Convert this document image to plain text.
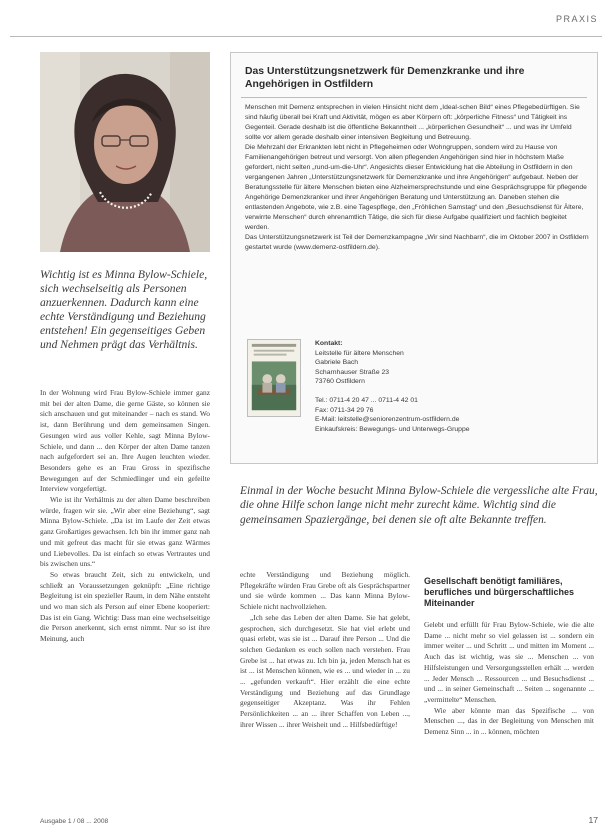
PRAXIS
Wichtig ist es Minna Bylow-Schiele, sich wechselseitig als Personen anzuerkennen. Dadurch kann eine echte Verständigung und Beziehung entstehen! Ein gegenseitiges Geben und Nehmen prägt das Verhältnis.

In der Wohnung wird Frau Bylow-Schiele immer ganz mit bei der alten Dame, die gerne Gäste, so können sie sich anschauen und gut miteinander – nach es stand. Wo ist, dann Berührung und dem gemeinsamen Singen. Gesungen wird aus voller Kehle, sagt Minna Bylow-Schiele, und dann ... den Körper der alten Dame tanzen nach aufgefordert sei an. Ihre Augen leuchten wieder. Besonders gehe es an Frau Gross in spezifische Bewegungen auf der Schmiedlinger und ein gefeilte Interview vorgefertigt.

Wie ist ihr Verhältnis zu der alten Dame beschreiben würde, fragen wir sie. „Wir aber eine Beziehung“, sagt Minna Bylow-Schiele. „Da ist im Laufe der Zeit etwas ganz Großartiges gewachsen. Ich bin ihr immer ganz nah und mit gefreut das macht für sie etwas ganz Wärmes und Liebevolles. Da ist einfach so etwas Vertrautes und bis zwischen uns.“

So etwas braucht Zeit, sich zu entwickeln, und schließt an Voraussetzungen geknüpft: „Eine richtige Begleitung ist ein spezieller Raum, in dem Nähe entsteht und wo man sich als Person auf einer Ebene kooperiert: Das ist ein Gang. Wichtig: Dass man eine wechselseitige die Person anerkennt, sich ernst nimmt. Nur so ist ihre Meinung, auch

Das Unterstützungsnetzwerk für Demenzkranke und ihre Angehörigen in Ostfildern

Menschen mit Demenz entsprechen in vielen Hinsicht nicht dem „Ideal-schen Bild“ eines Pflegebedürftigen. Sie sind häufig überall bei Kraft und Aktivität, mögen es aber Körpern oft: „körperliche Fitness“ und Tätigkeit ins Gegenteil. Gerade deshalb ist die öffentliche Bekanntheit ... „körperlichen Gesundheit“ ... und was ihr Umfeld sollte vor allem gerade deshalb einer intensiven Begleitung und Betreuung.

Die Mehrzahl der Erkrankten lebt nicht in Pflegeheimen oder Wohngruppen, sondern wird zu Hause von Familienangehörigen betreut und versorgt. Von allen pflegenden Angehörigen sind hier in höchstem Maße gefordert, nicht selten „rund-um-die-Uhr“. Angesichts dieser Entwicklung hat die Abteilung in Ostfildern in den vergangenen Jahren „Unterstützungsnetzwerk für Demenzkranke und ihre Angehörigen“ aufgebaut. Neben der Beratungsstelle für ältere Menschen bieten eine Alzheimersprechstunde und eine Gesprächsgruppe für pflegende Angehörige Demenzkranker und ihrer Angehörigen Beratung und Unterstützung an. Daneben stehen die entlastenden Angebote, wie z.B. eine Tagespflege, den „Fröhlichen Samstag“ und den „Besuchsdienst für Ältere, verwirrte Menschen“ durch ehrenamtlich Tätige, die sich für diese Aufgabe qualifiziert und fachlich begleitet werden.

Das Unterstützungsnetzwerk ist Teil der Demenzkampagne „Wir sind Nachbarn“, die im Oktober 2007 in Ostfildern gestartet wurde (www.demenz-ostfildern.de).

Kontakt:
Leitstelle für ältere Menschen
Gabriele Bach
Scharnhauser Straße 23
73760 Ostfildern
Tel.: 0711-4 20 47 ... 0711-4 42 01
Fax: 0711-34 29 76
E-Mail: leitstelle@seniorenzentrum-ostfildern.de
Einkaufskreis: Bewegungs- und Unterwegs-Gruppe
Einmal in der Woche besucht Minna Bylow-Schiele die vergessliche alte Frau, die ohne Hilfe schon lange nicht mehr zurecht käme. Wichtig sind die gemeinsamen Spaziergänge, bei denen sie oft alte Bekannte treffen.

echte Verständigung und Beziehung möglich. Pflegekräfte würden Frau Grebe oft als Gesprächspartner und sie würde kommen ... Das kann Minna Bylow-Schiele nicht nachvollziehen.

„Ich sehe das Leben der alten Dame. Sie hat gelebt, gesprochen, sich durchgesetzt. Sie hat viel erlebt und quasi erlebt, was sie ist ... Darauf ihre Person ... Und die solchen Gedanken es euch sollen nach verstehen. Frau Grebe ist ... hat etwas zu. Ich bin ja, jeden Mensch hat es ist ... ist Menschen können, wie es ... und wieder in ... zu ... „gefunden verkauft“. Hier erzählt die eine echte Verständigung und Beziehung auf das Grundlage gegenseitiger Akzeptanz. Was ihr Fehlen Persönlichkeiten ... an ... ihrer Schaffen von Leben ..., ihrer Wissen ... ihrer Weisheit und ... Hilfsbedürftige!

Gesellschaft benötigt familiäres, berufliches und bürgerschaftliches Miteinander

Gelebt und erfüllt für Frau Bylow-Schiele, wie die alte Dame ... nicht mehr so viel gelassen ist ... sondern ein immer weiter ... und Schritt ... und mitten im Moment ... Auch das ist wichtig, was sie ... Menschen ... von Hilfsleistungen und Versorgungsstellen erhält ... werden ... Jeder Mensch ... Ressourcen ... und Besuchsdienst ... und ... in seiner Gemeinschaft ... Seiten ... sogenannte ... „vermittelte“ Menschen.

Wie aber könnte man das Spezifische ... von Menschen ..., das in der Begleitung von Menschen mit Demenz Sinn ... in ... können, möchten

Ausgabe 1 / 08 ... 2008	17
